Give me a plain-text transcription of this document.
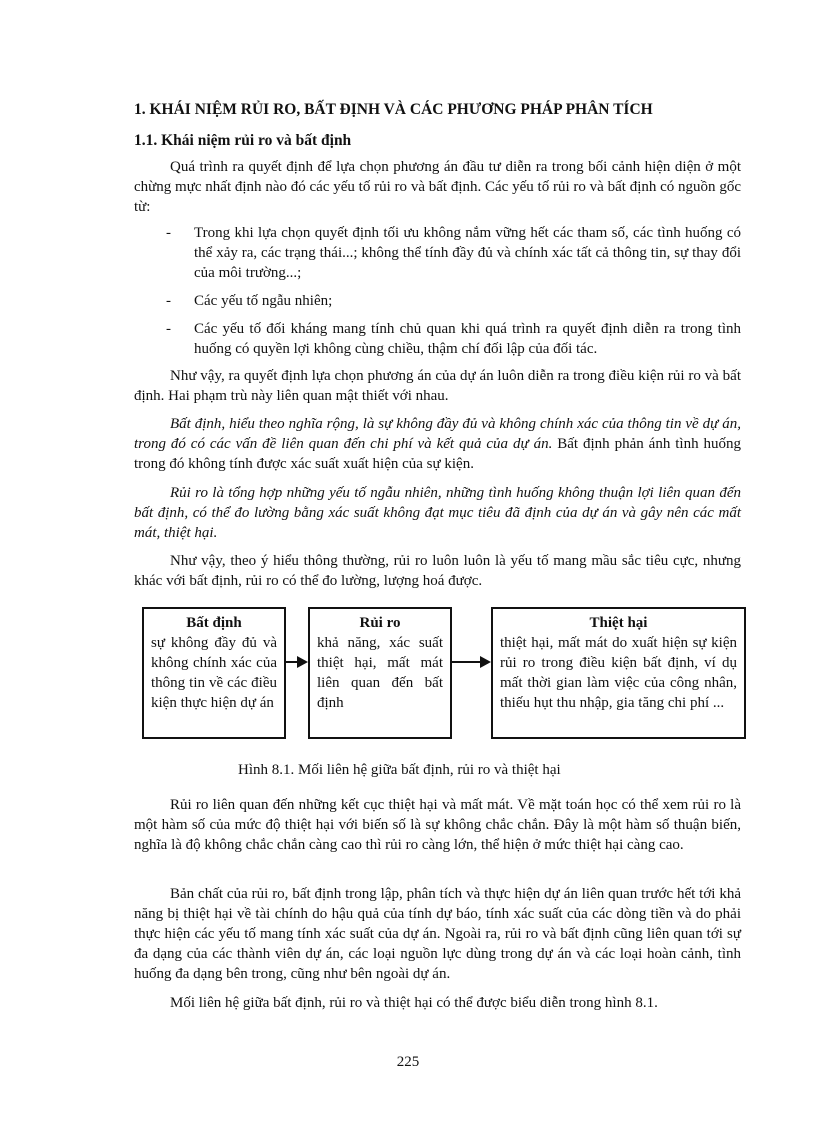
1. KHÁI NIỆM RỦI RO, BẤT ĐỊNH VÀ CÁC PHƯƠNG PHÁP PHÂN TÍCH
1.1. Khái niệm rủi ro và bất định

Quá trình ra quyết định để lựa chọn phương án đầu tư diễn ra trong bối cảnh hiện diện ở một chừng mực nhất định nào đó các yếu tố rủi ro và bất định. Các yếu tố rủi ro và bất định có nguồn gốc từ:

- Trong khi lựa chọn quyết định tối ưu không nắm vững hết các tham số, các tình huống có thể xảy ra, các trạng thái...; không thể tính đầy đủ và chính xác tất cả thông tin, sự thay đổi của môi trường...;
- Các yếu tố ngẫu nhiên;
- Các yếu tố đối kháng mang tính chủ quan khi quá trình ra quyết định diễn ra trong tình huống có quyền lợi không cùng chiều, thậm chí đối lập của đối tác.

Như vậy, ra quyết định lựa chọn phương án của dự án luôn diễn ra trong điều kiện rủi ro và bất định. Hai phạm trù này liên quan mật thiết với nhau.

Bất định, hiểu theo nghĩa rộng, là sự không đầy đủ và không chính xác của thông tin về dự án, trong đó có các vấn đề liên quan đến chi phí và kết quả của dự án. Bất định phản ánh tình huống trong đó không tính được xác suất xuất hiện của sự kiện.

Rủi ro là tổng hợp những yếu tố ngẫu nhiên, những tình huống không thuận lợi liên quan đến bất định, có thể đo lường bằng xác suất không đạt mục tiêu đã định của dự án và gây nên các mất mát, thiệt hại.

Như vậy, theo ý hiểu thông thường, rủi ro luôn luôn là yếu tố mang mầu sắc tiêu cực, nhưng khác với bất định, rủi ro có thể đo lường, lượng hoá được.

Bất định
sự không đầy đủ và không chính xác của thông tin về các điều kiện thực hiện dự án
Rủi ro
khả năng, xác suất thiệt hại, mất mát liên quan đến bất định
Thiệt hại
thiệt hại, mất mát do xuất hiện sự kiện rủi ro trong điều kiện bất định, ví dụ mất thời gian làm việc của công nhân, thiếu hụt thu nhập, gia tăng chi phí ...
Hình 8.1. Mối liên hệ giữa bất định, rủi ro và thiệt hại

Rủi ro liên quan đến những kết cục thiệt hại và mất mát. Về mặt toán học có thể xem rủi ro là một hàm số của mức độ thiệt hại với biến số là sự không chắc chắn. Đây là một hàm số thuận biến, nghĩa là độ không chắc chắn càng cao thì rủi ro càng lớn, thể hiện ở mức thiệt hại càng cao.

Bản chất của rủi ro, bất định trong lập, phân tích và thực hiện dự án liên quan trước hết tới khả năng bị thiệt hại về tài chính do hậu quả của tính dự báo, tính xác suất của các dòng tiền và do phải thực hiện các yếu tố mang tính xác suất của dự án. Ngoài ra, rủi ro và bất định cũng liên quan tới sự đa dạng của các thành viên dự án, các loại nguồn lực dùng trong dự án và các loại hoàn cảnh, tình huống đa dạng bên trong, cũng như bên ngoài dự án.

Mối liên hệ giữa bất định, rủi ro và thiệt hại có thể được biểu diễn trong hình 8.1.

225
